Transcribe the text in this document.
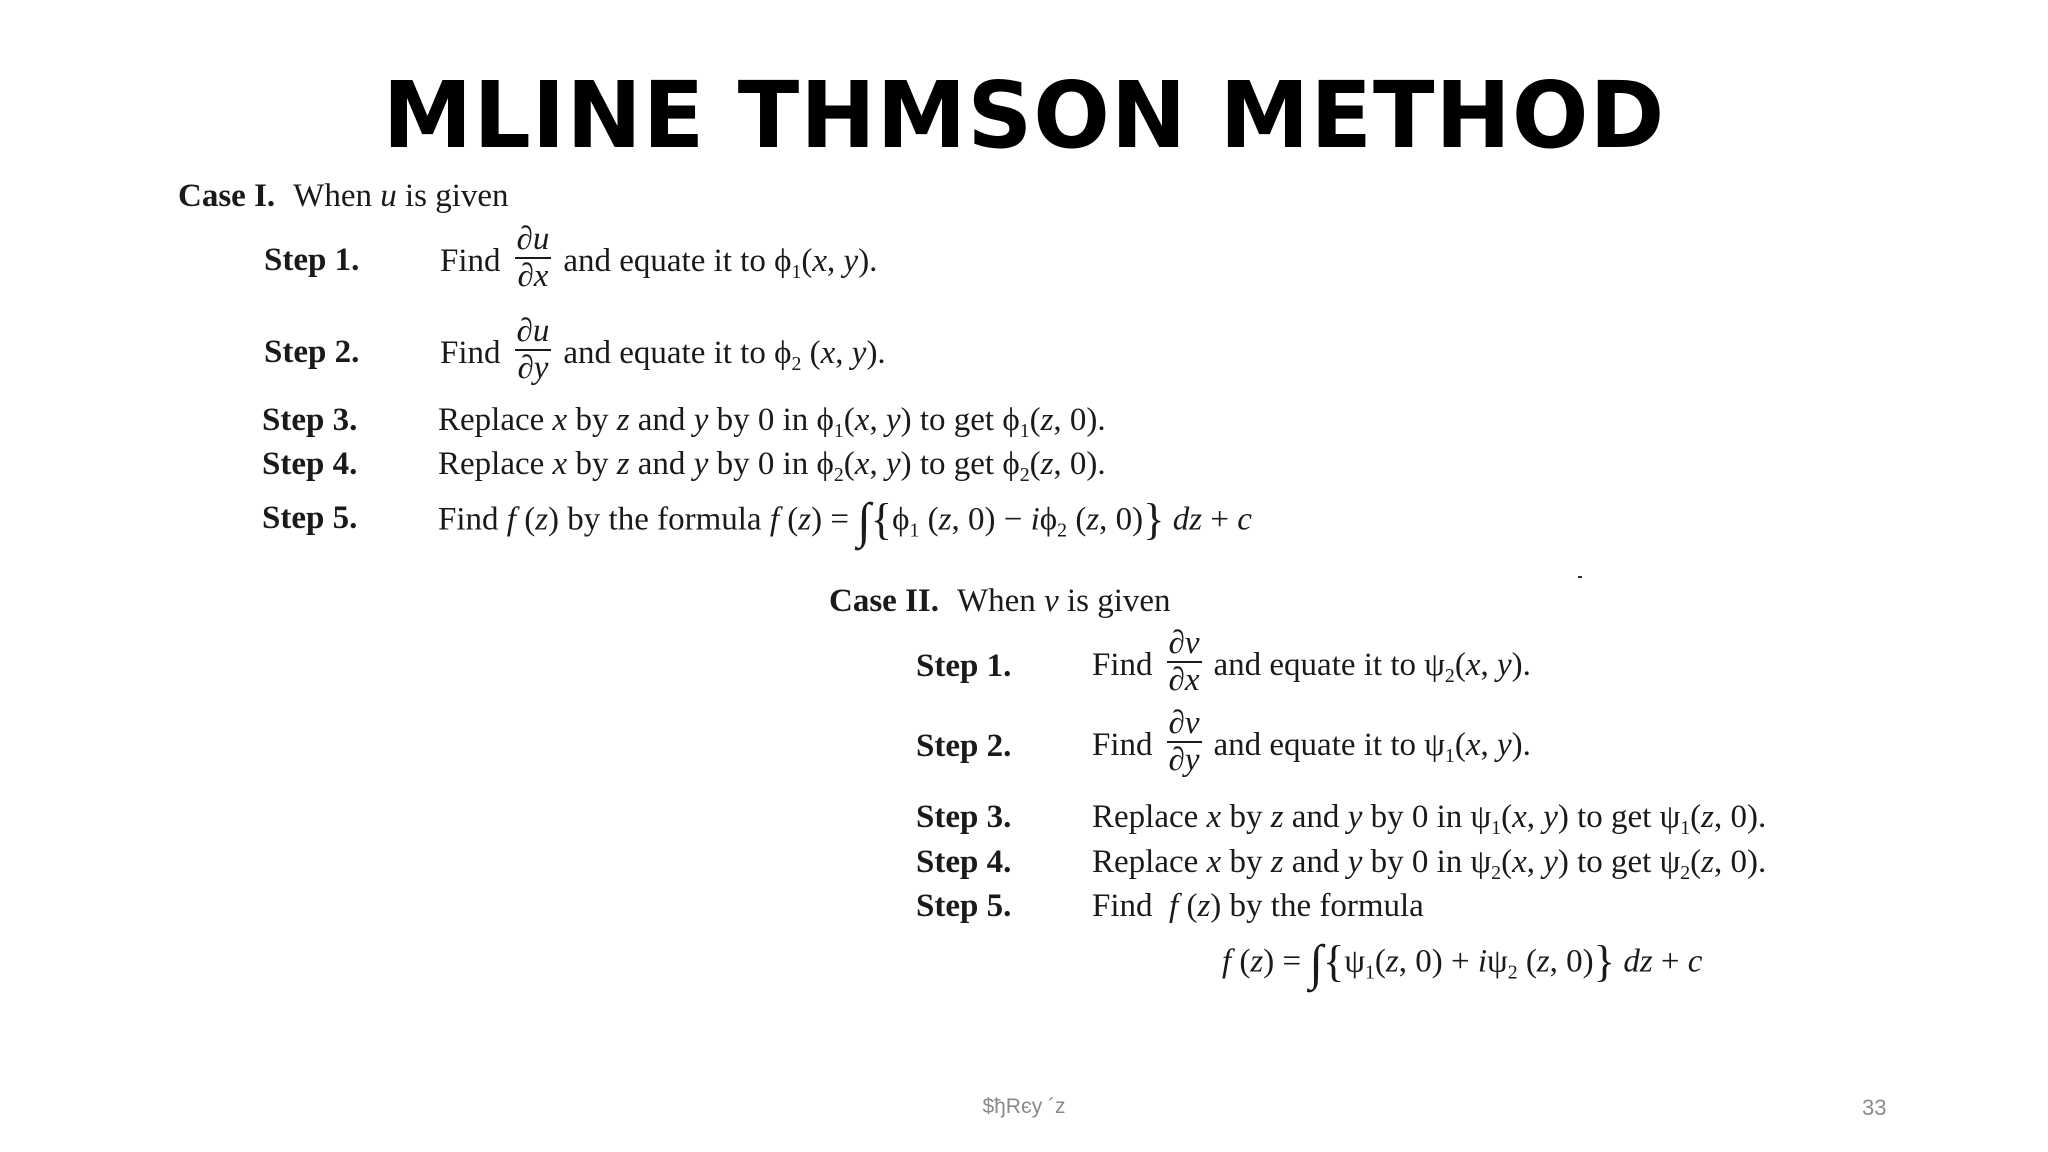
MLINE THMSON METHOD
Case I. When u is given
Step 1. Find $\frac{\partial u}{\partial x}$ and equate it to $\phi_1(x$, y).
Step 2. Find $\frac{\partial u}{\partial y}$ and equate it to $\phi_2$ (x, y).
Step 3. Replace x by z and y by 0 in $\phi_1(x$, y) to get $\phi_1(z$, 0).
Step 4. Replace x by z and y by 0 in $\phi_2(x$, y) to get $\phi_2(z$, 0).
Step 5. Find f (z) by the formula f $(z) = \int\{\phi_1$ (z, $0) - i\phi_2$ (z, 0)} dz + c
Case II. When v is given
Step 1. Find $\frac{\partial v}{\partial x}$ and equate it to $\psi_2(x$, y).
Step 2. Find $\frac{\partial v}{\partial y}$ and equate it to $\psi_1(x$, y).
Step 3. Replace x by z and y by 0 in $\psi_1(x$, y) to get $\psi_1(z$, 0).
Step 4. Replace x by z and y by 0 in $\psi_2(x$, y) to get $\psi_2(z$, 0).
Step 5. Find  f (z) by the formula
f $(z) = \int\{\psi_1(z$, $0) + i\psi_2$ (z, 0)} dz + c
$ђRєy ´z	33
